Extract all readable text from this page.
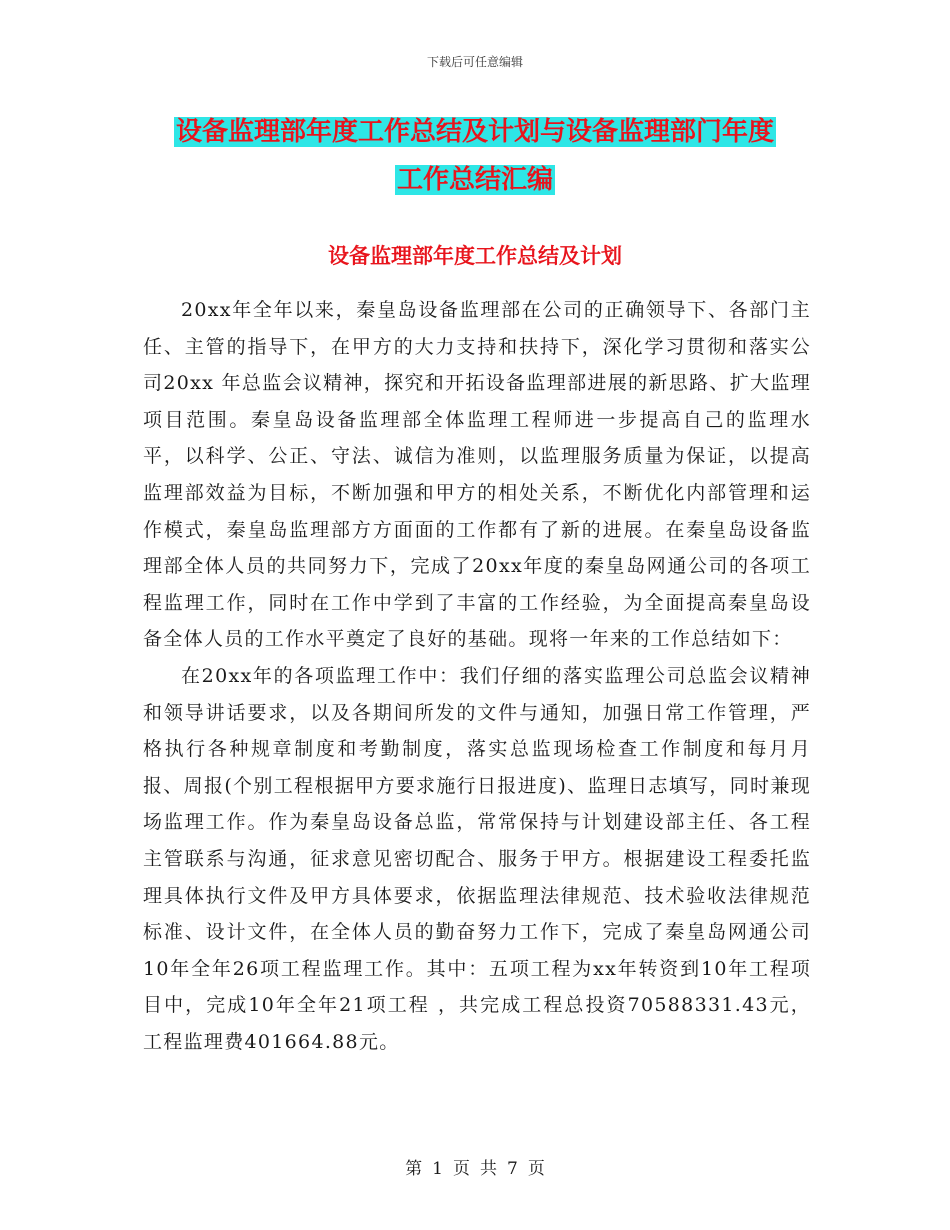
下载后可任意编辑
设备监理部年度工作总结及计划与设备监理部门年度
工作总结汇编
设备监理部年度工作总结及计划

20xx年全年以来，秦皇岛设备监理部在公司的正确领导下、各部门主任、主管的指导下，在甲方的大力支持和扶持下，深化学习贯彻和落实公司20xx 年总监会议精神，探究和开拓设备监理部进展的新思路、扩大监理项目范围。秦皇岛设备监理部全体监理工程师进一步提高自己的监理水平，以科学、公正、守法、诚信为准则，以监理服务质量为保证，以提高监理部效益为目标，不断加强和甲方的相处关系，不断优化内部管理和运作模式，秦皇岛监理部方方面面的工作都有了新的进展。在秦皇岛设备监理部全体人员的共同努力下，完成了20xx年度的秦皇岛网通公司的各项工程监理工作，同时在工作中学到了丰富的工作经验，为全面提高秦皇岛设备全体人员的工作水平奠定了良好的基础。现将一年来的工作总结如下：

在20xx年的各项监理工作中：我们仔细的落实监理公司总监会议精神和领导讲话要求，以及各期间所发的文件与通知，加强日常工作管理，严格执行各种规章制度和考勤制度，落实总监现场检查工作制度和每月月报、周报(个别工程根据甲方要求施行日报进度)、监理日志填写，同时兼现场监理工作。作为秦皇岛设备总监，常常保持与计划建设部主任、各工程主管联系与沟通，征求意见密切配合、服务于甲方。根据建设工程委托监理具体执行文件及甲方具体要求，依据监理法律规范、技术验收法律规范标准、设计文件，在全体人员的勤奋努力工作下，完成了秦皇岛网通公司10年全年26项工程监理工作。其中：五项工程为xx年转资到10年工程项目中，完成10年全年21项工程 ，共完成工程总投资70588331.43元，工程监理费401664.88元。

第 1 页 共 7 页
